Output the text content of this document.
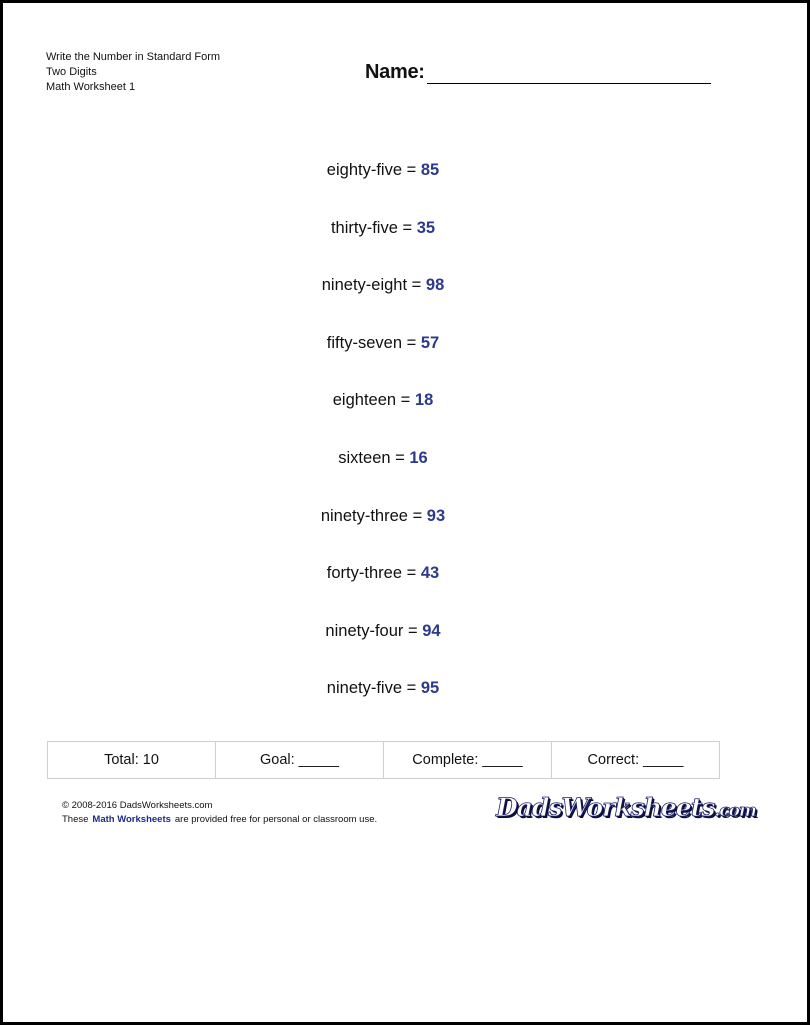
Write the Number in Standard Form
Two Digits
Math Worksheet 1
Name:
eighty-five = 85
thirty-five = 35
ninety-eight = 98
fifty-seven = 57
eighteen = 18
sixteen = 16
ninety-three = 93
forty-three = 43
ninety-four = 94
ninety-five = 95
Total: 10	Goal: _____	Complete: _____	Correct: _____
© 2008-2016 DadsWorksheets.com
These Math Worksheets are provided free for personal or classroom use.	DadsWorksheets.com
